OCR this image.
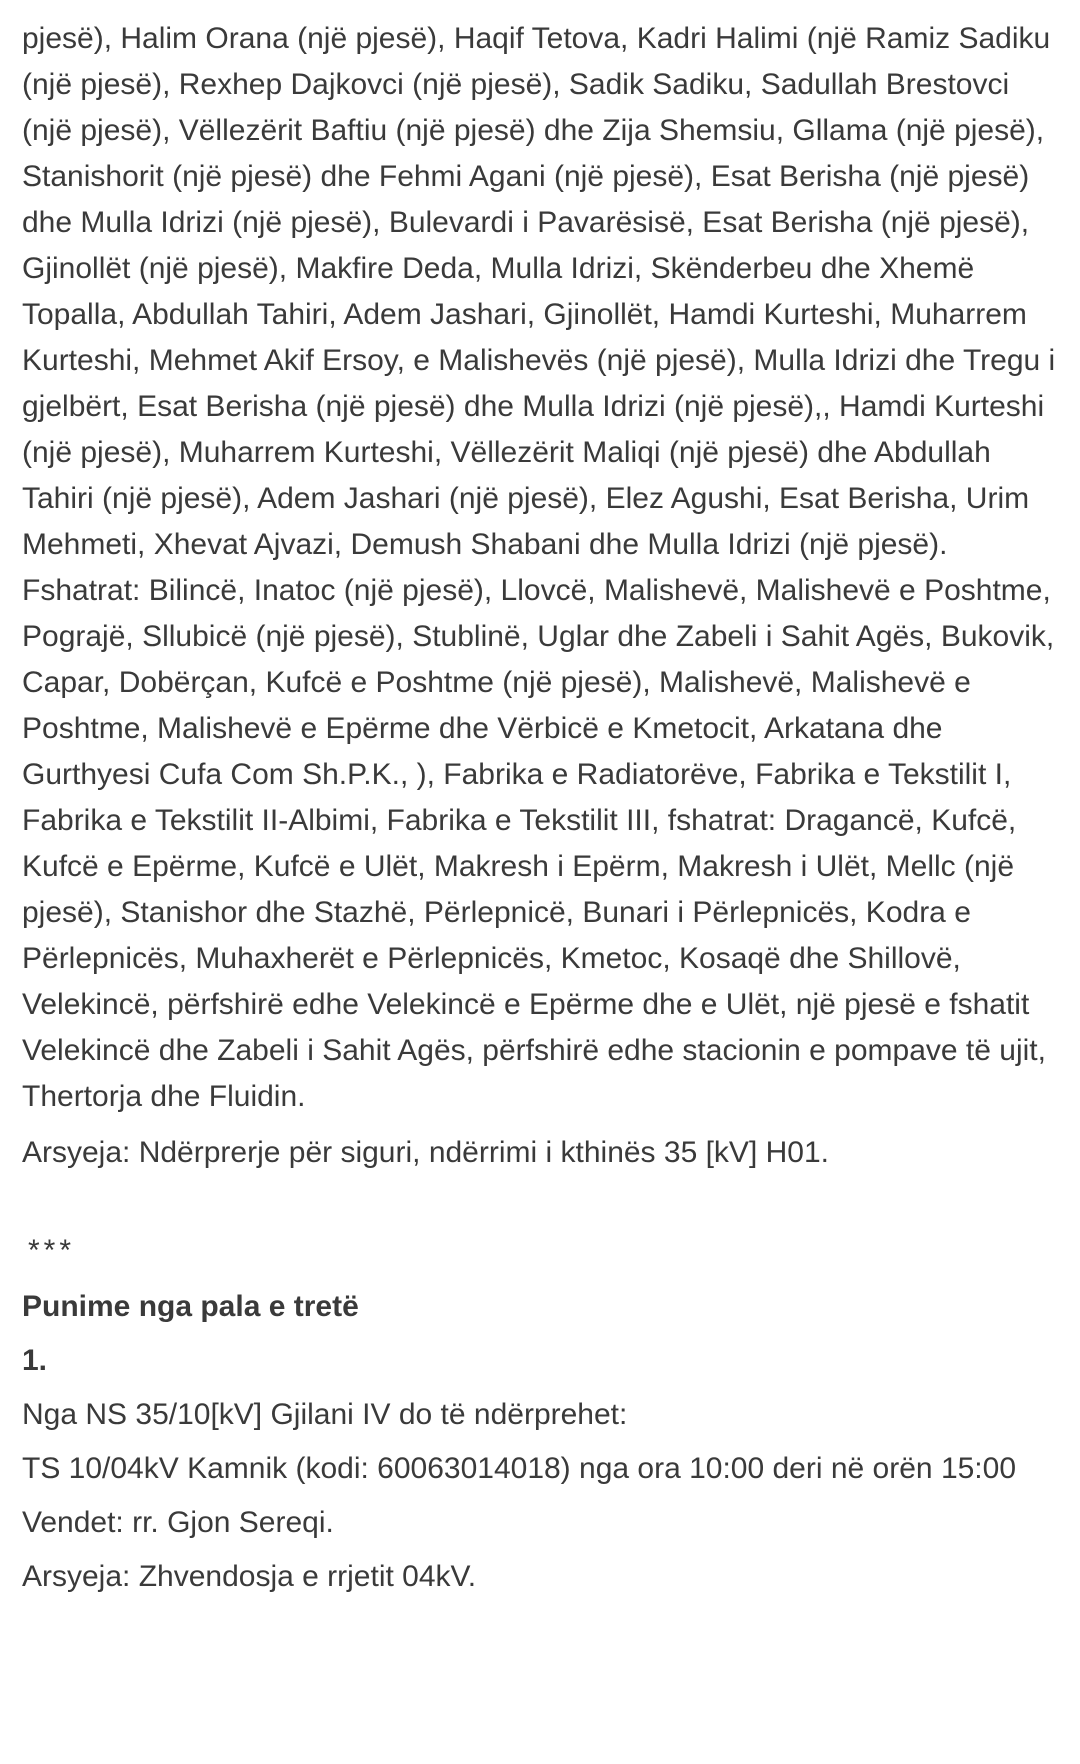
pjesë), Halim Orana (një pjesë), Haqif Tetova, Kadri Halimi (një Ramiz Sadiku (një pjesë), Rexhep Dajkovci (një pjesë), Sadik Sadiku, Sadullah Brestovci (një pjesë), Vëllezërit Baftiu (një pjesë) dhe Zija Shemsiu, Gllama (një pjesë), Stanishorit (një pjesë) dhe Fehmi Agani (një pjesë), Esat Berisha (një pjesë) dhe Mulla Idrizi (një pjesë), Bulevardi i Pavarësisë, Esat Berisha (një pjesë), Gjinollët (një pjesë), Makfire Deda, Mulla Idrizi, Skënderbeu dhe Xhemë Topalla, Abdullah Tahiri, Adem Jashari, Gjinollët, Hamdi Kurteshi, Muharrem Kurteshi, Mehmet Akif Ersoy, e Malishevës (një pjesë), Mulla Idrizi dhe Tregu i gjelbërt, Esat Berisha (një pjesë) dhe Mulla Idrizi (një pjesë),, Hamdi Kurteshi (një pjesë), Muharrem Kurteshi, Vëllezërit Maliqi (një pjesë) dhe Abdullah Tahiri (një pjesë), Adem Jashari (një pjesë), Elez Agushi, Esat Berisha, Urim Mehmeti, Xhevat Ajvazi, Demush Shabani dhe Mulla Idrizi (një pjesë).  Fshatrat: Bilincë, Inatoc (një pjesë), Llovcë, Malishevë, Malishevë e Poshtme, Pograjë, Sllubicë (një pjesë), Stublinë, Uglar dhe Zabeli i Sahit Agës, Bukovik, Capar, Dobërçan, Kufcë e Poshtme (një pjesë), Malishevë, Malishevë e Poshtme, Malishevë e Epërme dhe Vërbicë e Kmetocit, Arkatana dhe Gurthyesi Cufa Com Sh.P.K., ), Fabrika e Radiatorëve, Fabrika e Tekstilit I, Fabrika e Tekstilit II-Albimi, Fabrika e Tekstilit III, fshatrat: Dragancë, Kufcë, Kufcë e Epërme, Kufcë e Ulët, Makresh i Epërm, Makresh i Ulët, Mellc (një pjesë), Stanishor dhe Stazhë, Përlepnicë, Bunari i Përlepnicës, Kodra e Përlepnicës, Muhaxherët e Përlepnicës, Kmetoc, Kosaqë dhe Shillovë, Velekincë, përfshirë edhe Velekincë e Epërme dhe e Ulët, një pjesë e fshatit Velekincë dhe Zabeli i Sahit Agës, përfshirë edhe stacionin e pompave të ujit, Thertorja dhe Fluidin.

Arsyeja: Ndërprerje për siguri, ndërrimi i kthinës 35 [kV] H01.

***
Punime nga pala e tretë
1.

Nga NS 35/10[kV] Gjilani IV do të ndërprehet:

TS 10/04kV Kamnik (kodi: 60063014018) nga ora 10:00 deri në orën 15:00

Vendet: rr. Gjon Sereqi.

Arsyeja: Zhvendosja e rrjetit 04kV.
